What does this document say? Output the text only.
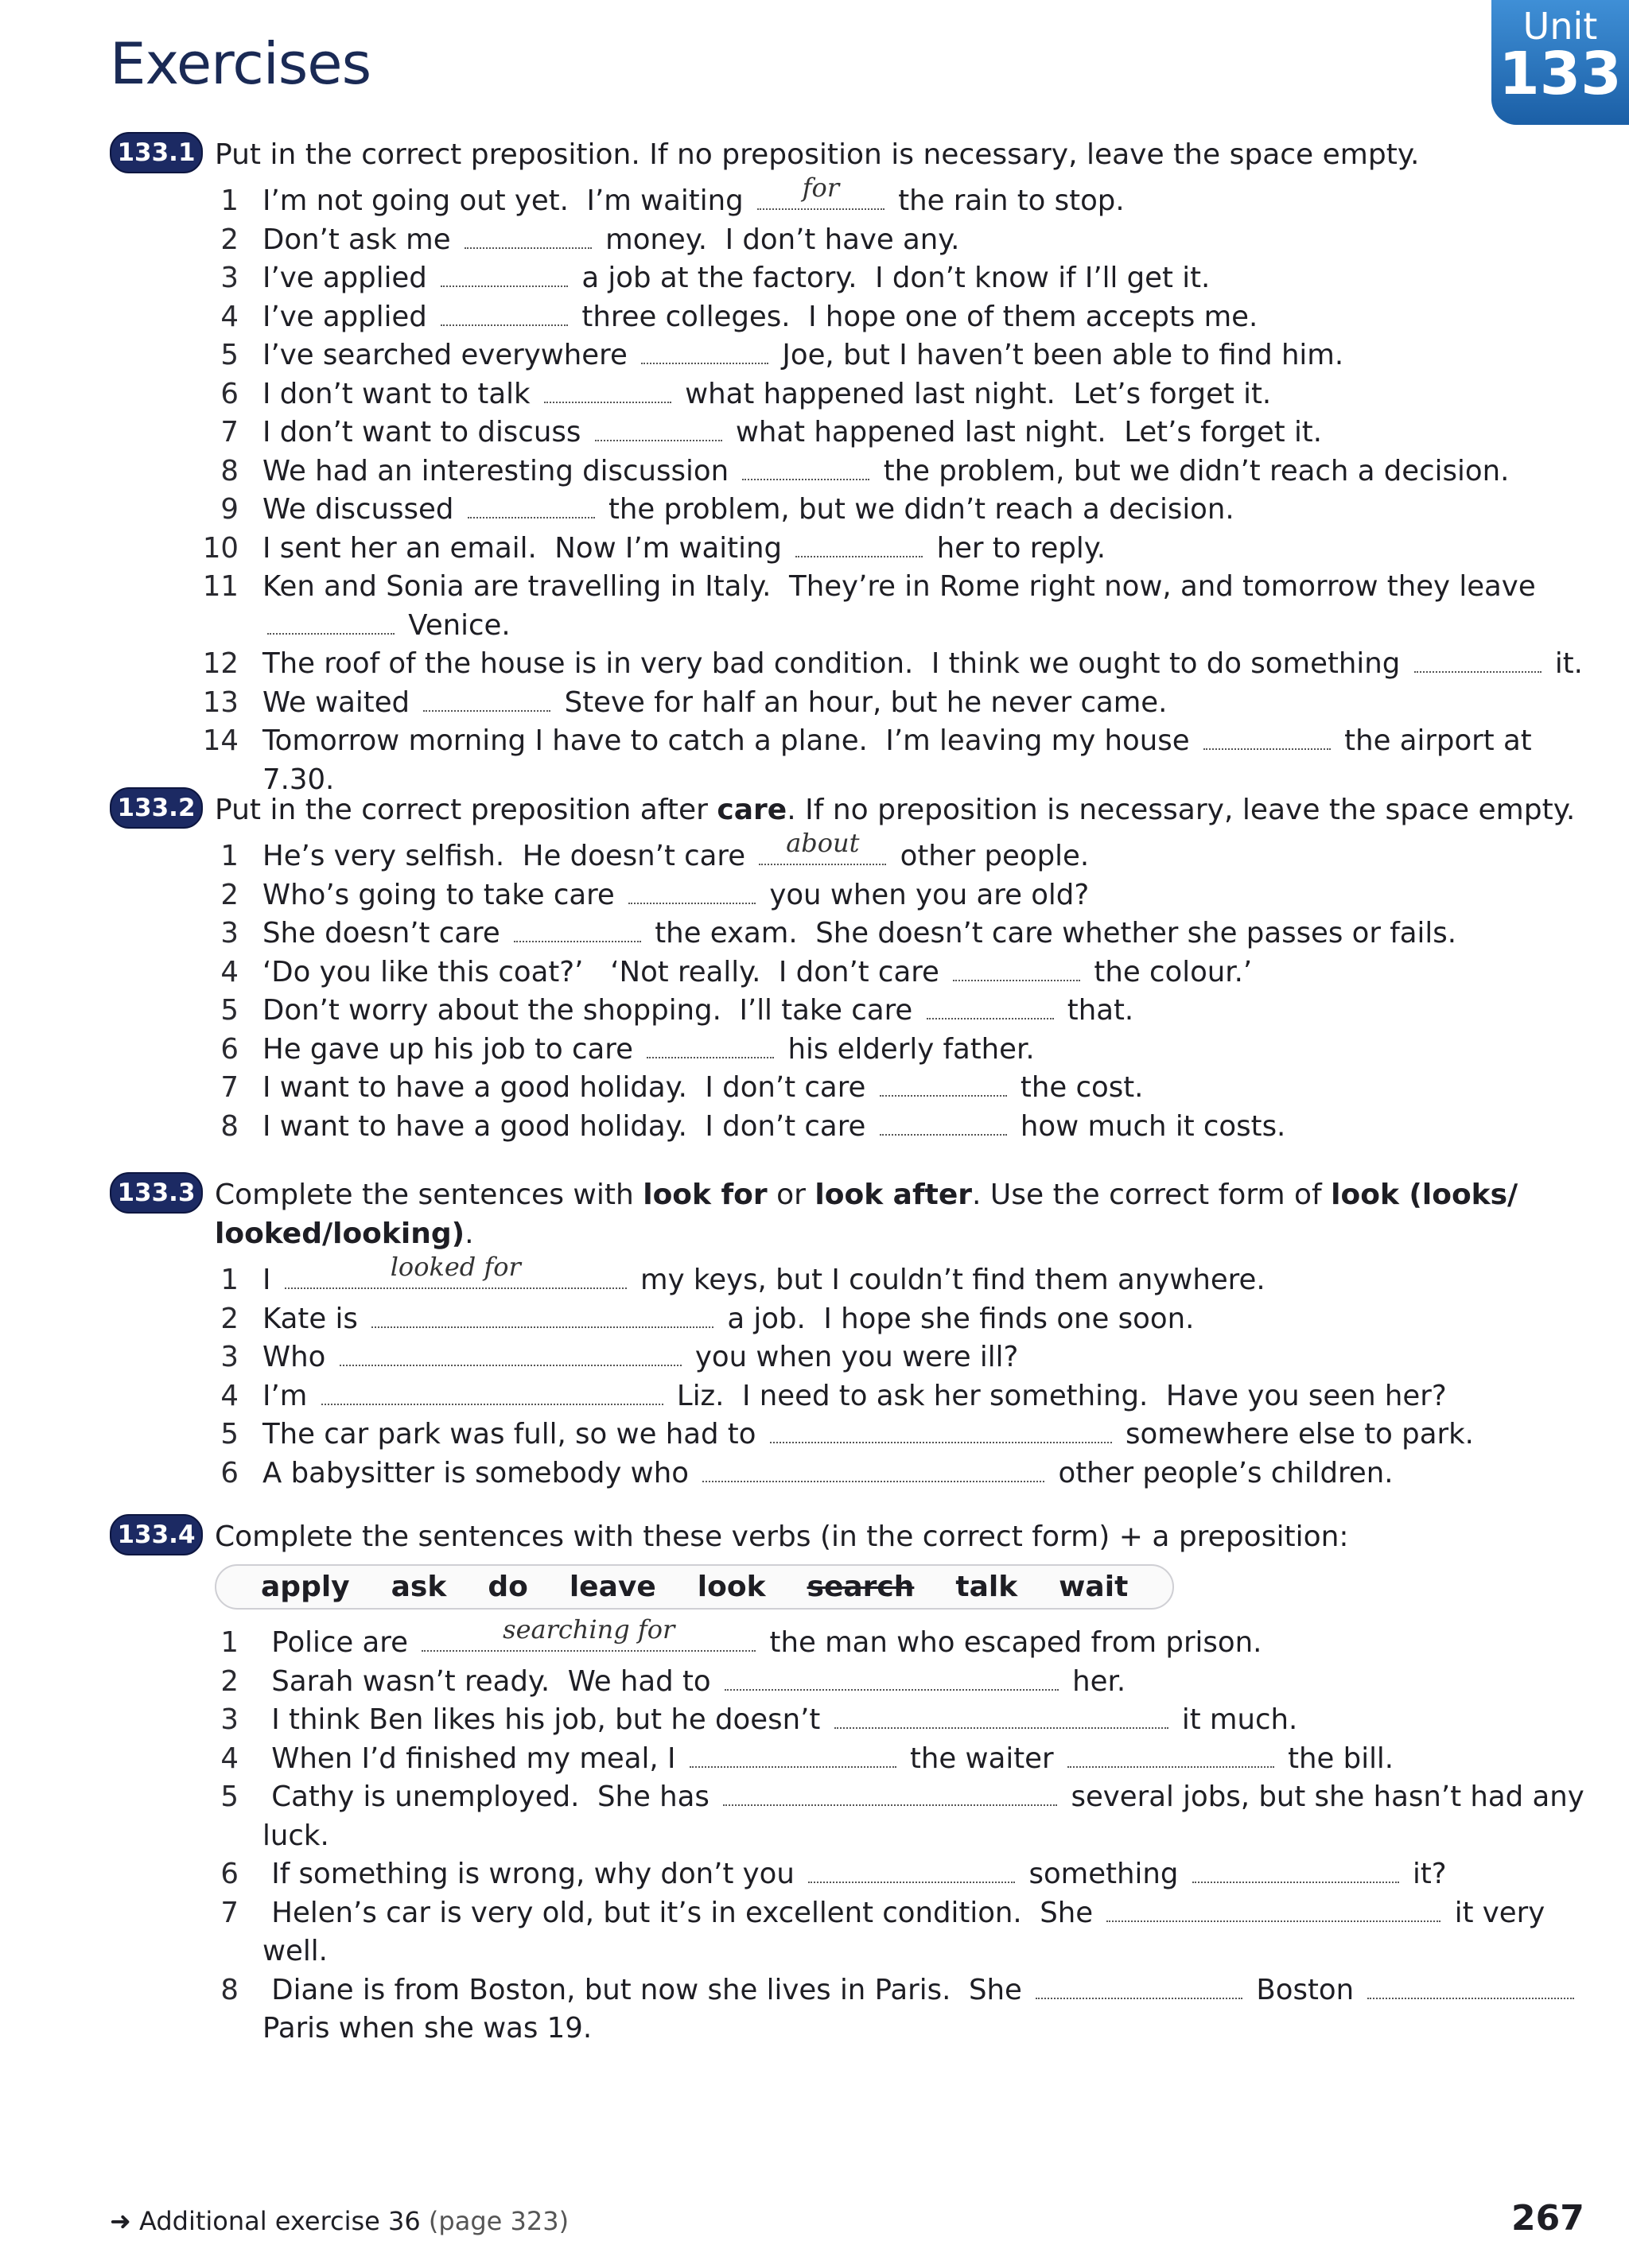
Exercises
Unit
133
133.1 Put in the correct preposition. If no preposition is necessary, leave the space empty.
1 I’m not going out yet.  I’m waiting	for	the rain to stop.
2 Don’t ask me	money.  I don’t have any.
3 I’ve applied	a job at the factory.  I don’t know if I’ll get it.
4 I’ve applied	three colleges.  I hope one of them accepts me.
5 I’ve searched everywhere	Joe, but I haven’t been able to find him.
6 I don’t want to talk	what happened last night.  Let’s forget it.
7 I don’t want to discuss	what happened last night.  Let’s forget it.
8 We had an interesting discussion	the problem, but we didn’t reach a decision.
9 We discussed	the problem, but we didn’t reach a decision.
10 I sent her an email.  Now I’m waiting	her to reply.
11 Ken and Sonia are travelling in Italy.  They’re in Rome right now, and tomorrow they leave  Venice.
12 The roof of the house is in very bad condition.  I think we ought to do something	it.
13 We waited	Steve for half an hour, but he never came.
14 Tomorrow morning I have to catch a plane.  I’m leaving my house	the airport at 7.30.
133.2 Put in the correct preposition after care. If no preposition is necessary, leave the space empty.
1 He’s very selfish.  He doesn’t care	about	other people.
2 Who’s going to take care	you when you are old?
3 She doesn’t care	the exam.  She doesn’t care whether she passes or fails.
4 ‘Do you like this coat?’   ‘Not really.  I don’t care	the colour.’
5 Don’t worry about the shopping.  I’ll take care	that.
6 He gave up his job to care	his elderly father.
7 I want to have a good holiday.  I don’t care	the cost.
8 I want to have a good holiday.  I don’t care	how much it costs.
133.3 Complete the sentences with look for or look after. Use the correct form of look (looks/ looked/looking).
1 I	looked for	my keys, but I couldn’t find them anywhere.
2 Kate is	a job.  I hope she finds one soon.
3 Who	you when you were ill?
4 I’m	Liz.  I need to ask her something.  Have you seen her?
5 The car park was full, so we had to	somewhere else to park.
6 A babysitter is somebody who	other people’s children.
133.4 Complete the sentences with these verbs (in the correct form) + a preposition:
apply	ask	do	leave	look	search	talk	wait
1 Police are	searching for	the man who escaped from prison.
2 Sarah wasn’t ready.  We had to	her.
3 I think Ben likes his job, but he doesn’t	it much.
4 When I’d finished my meal, I	the waiter	the bill.
5 Cathy is unemployed.  She has	several jobs, but she hasn’t had any luck.
6 If something is wrong, why don’t you	something	it?
7 Helen’s car is very old, but it’s in excellent condition.  She	it very well.
8 Diane is from Boston, but now she lives in Paris.  She	Boston	Paris when she was 19.
➜ Additional exercise 36 (page 323)	267
